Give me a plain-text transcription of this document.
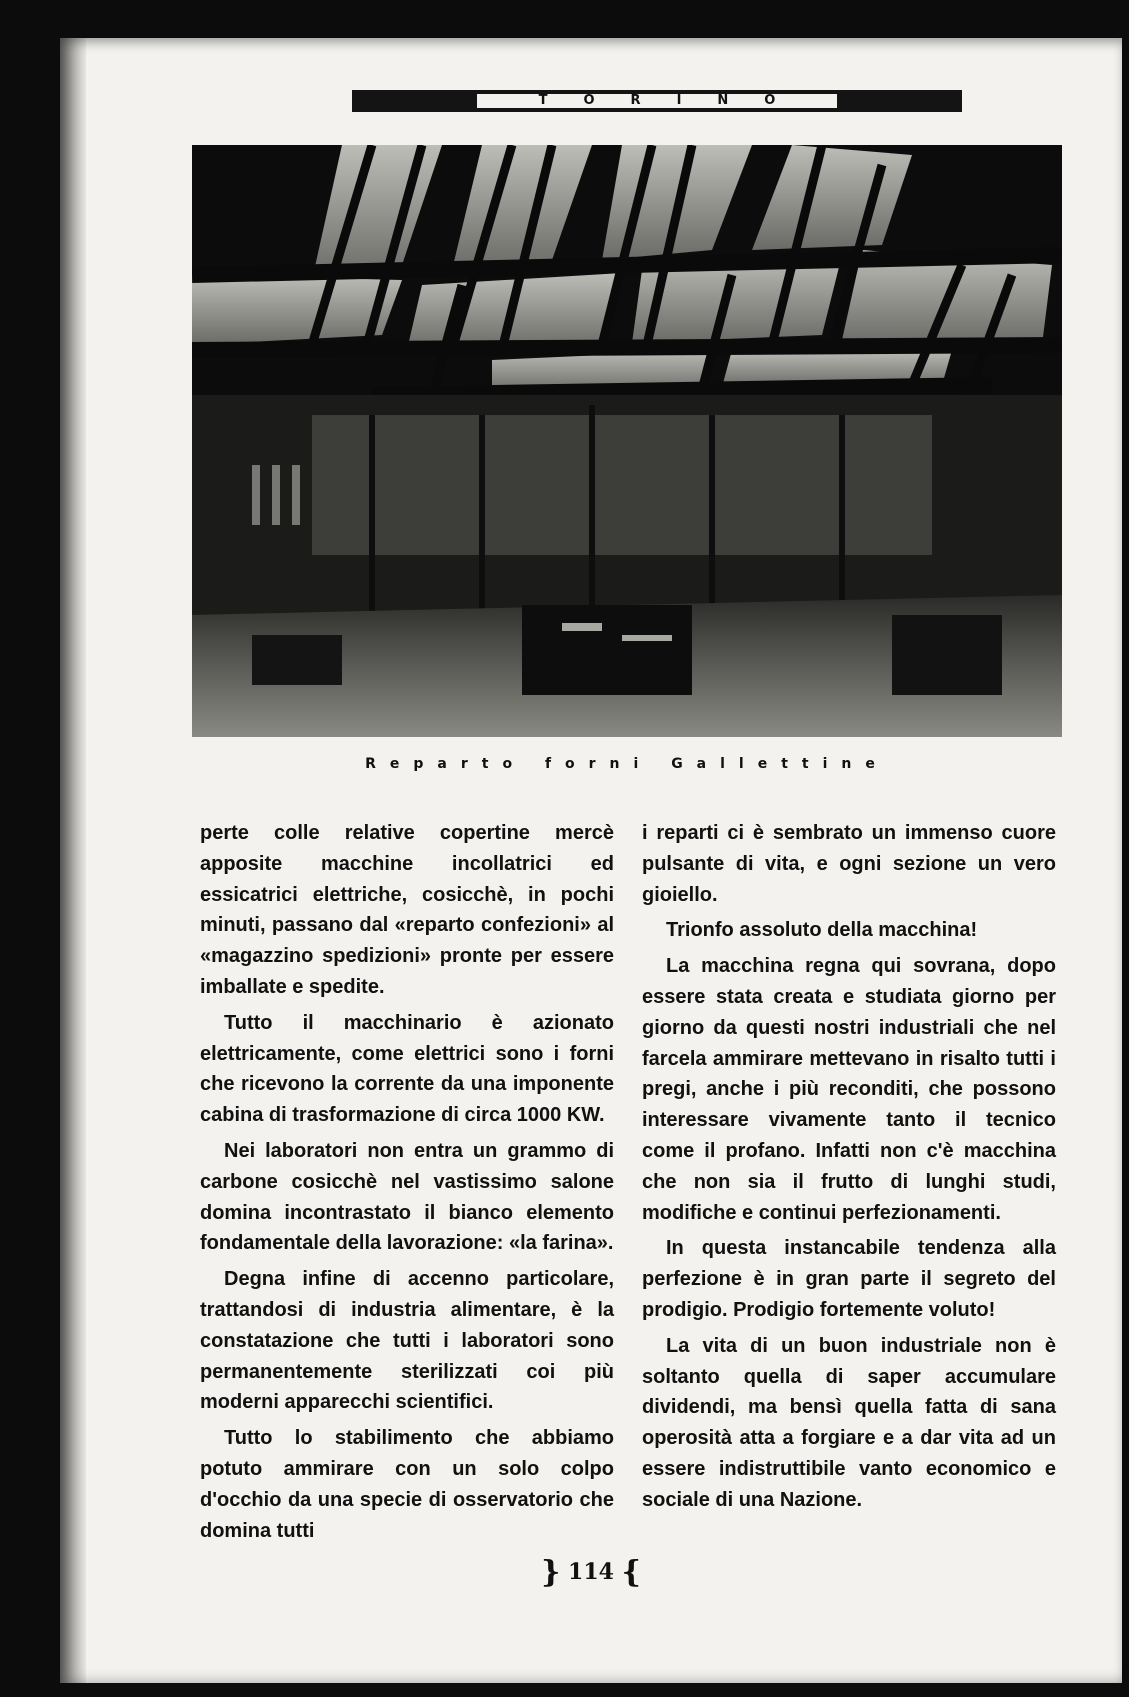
TORINO
Reparto forni Gallettine

perte colle relative copertine mercè apposite macchine incollatrici ed essicatrici elettriche, cosicchè, in pochi minuti, passano dal «reparto confezioni» al «magazzino spedizioni» pronte per essere imballate e spedite.

Tutto il macchinario è azionato elettricamente, come elettrici sono i forni che ricevono la corrente da una imponente cabina di trasformazione di circa 1000 KW.

Nei laboratori non entra un grammo di carbone cosicchè nel vastissimo salone domina incontrastato il bianco elemento fondamentale della lavorazione: «la farina».

Degna infine di accenno particolare, trattandosi di industria alimentare, è la constatazione che tutti i laboratori sono permanentemente sterilizzati coi più moderni apparecchi scientifici.

Tutto lo stabilimento che abbiamo potuto ammirare con un solo colpo d'occhio da una specie di osservatorio che domina tutti

i reparti ci è sembrato un immenso cuore pulsante di vita, e ogni sezione un vero gioiello.

Trionfo assoluto della macchina!

La macchina regna qui sovrana, dopo essere stata creata e studiata giorno per giorno da questi nostri industriali che nel farcela ammirare mettevano in risalto tutti i pregi, anche i più reconditi, che possono interessare vivamente tanto il tecnico come il profano. Infatti non c'è macchina che non sia il frutto di lunghi studi, modifiche e continui perfezionamenti.

In questa instancabile tendenza alla perfezione è in gran parte il segreto del prodigio. Prodigio fortemente voluto!

La vita di un buon industriale non è soltanto quella di saper accumulare dividendi, ma bensì quella fatta di sana operosità atta a forgiare e a dar vita ad un essere indistruttibile vanto economico e sociale di una Nazione.

} 114 {
